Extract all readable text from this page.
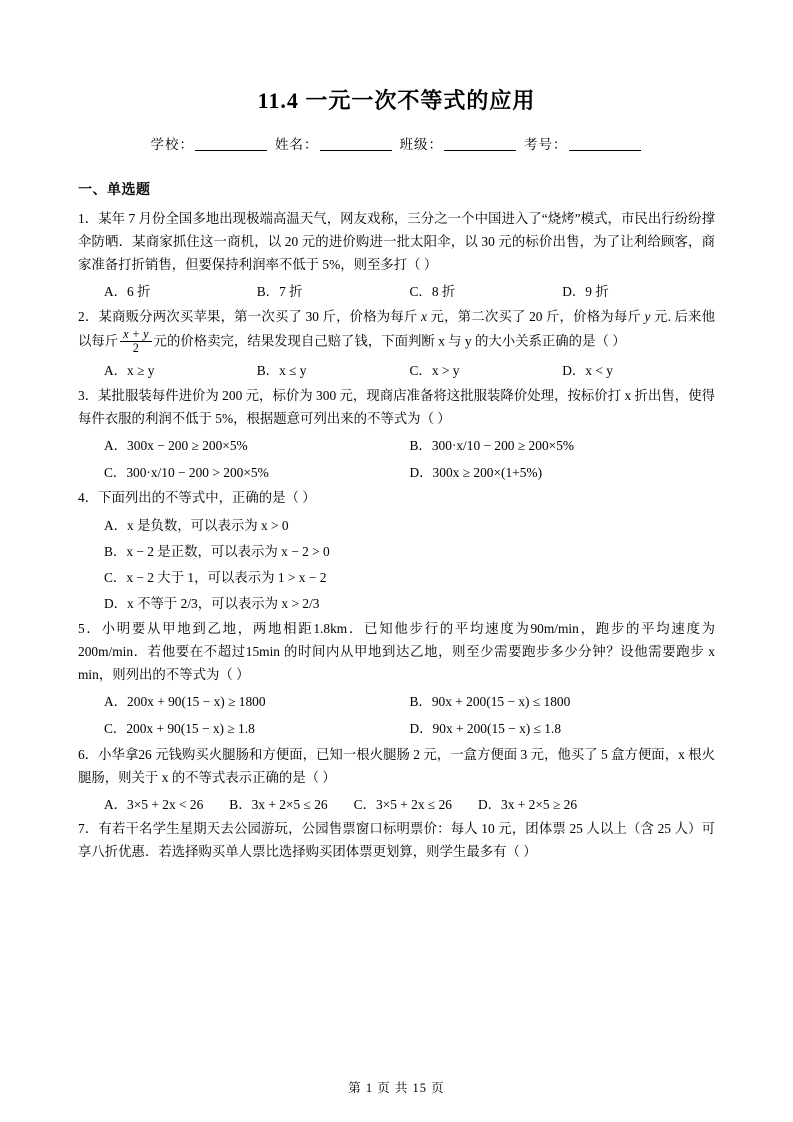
11.4 一元一次不等式的应用
学校：	姓名：	班级：	考号：
一、单选题
1．某年 7 月份全国多地出现极端高温天气，网友戏称，三分之一个中国进入了“烧烤”模式，市民出行纷纷撑伞防晒．某商家抓住这一商机，以 20 元的进价购进一批太阳伞，以 30 元的标价出售，为了让利给顾客，商家准备打折销售，但要保持利润率不低于 5%，则至多打（ ）
A．6 折	B．7 折	C．8 折	D．9 折
2．某商贩分两次买苹果，第一次买了 30 斤，价格为每斤 x 元，第二次买了 20 斤，价格为每斤 y 元. 后来他以每斤 $\frac{x + y}{2}$ 元的价格卖完，结果发现自己赔了钱，下面判断 x 与 y 的大小关系正确的是（ ）
A．x ≥ y	B．x ≤ y	C．x > y	D．x < y
3．某批服装每件进价为 200 元，标价为 300 元，现商店准备将这批服装降价处理，按标价打 x 折出售，使得每件衣服的利润不低于 5%，根据题意可列出来的不等式为（ ）
A．300x − 200 ≥ 200×5%	B．300·x/10 − 200 ≥ 200×5%
C．300·x/10 − 200 > 200×5%	D．300x ≥ 200×(1+5%)
4．下面列出的不等式中，正确的是（ ）
A．x 是负数，可以表示为 x > 0
B．x − 2 是正数，可以表示为 x − 2 > 0
C．x − 2 大于 1，可以表示为 1 > x − 2
D．x 不等于 2/3，可以表示为 x > 2/3
5．小明要从甲地到乙地，两地相距1.8km．已知他步行的平均速度为90m/min，跑步的平均速度为200m/min．若他要在不超过15min 的时间内从甲地到达乙地，则至少需要跑步多少分钟？设他需要跑步 x min，则列出的不等式为（ ）
A．200x + 90(15 − x) ≥ 1800	B．90x + 200(15 − x) ≤ 1800
C．200x + 90(15 − x) ≥ 1.8	D．90x + 200(15 − x) ≤ 1.8
6．小华拿26 元钱购买火腿肠和方便面，已知一根火腿肠 2 元，一盒方便面 3 元，他买了 5 盒方便面，x 根火腿肠，则关于 x 的不等式表示正确的是（ ）
A．3×5 + 2x < 26 B．3x + 2×5 ≤ 26 C．3×5 + 2x ≤ 26 D．3x + 2×5 ≥ 26
7．有若干名学生星期天去公园游玩，公园售票窗口标明票价：每人 10 元，团体票 25 人以上（含 25 人）可享八折优惠．若选择购买单人票比选择购买团体票更划算，则学生最多有（ ）
第 1 页 共 15 页
